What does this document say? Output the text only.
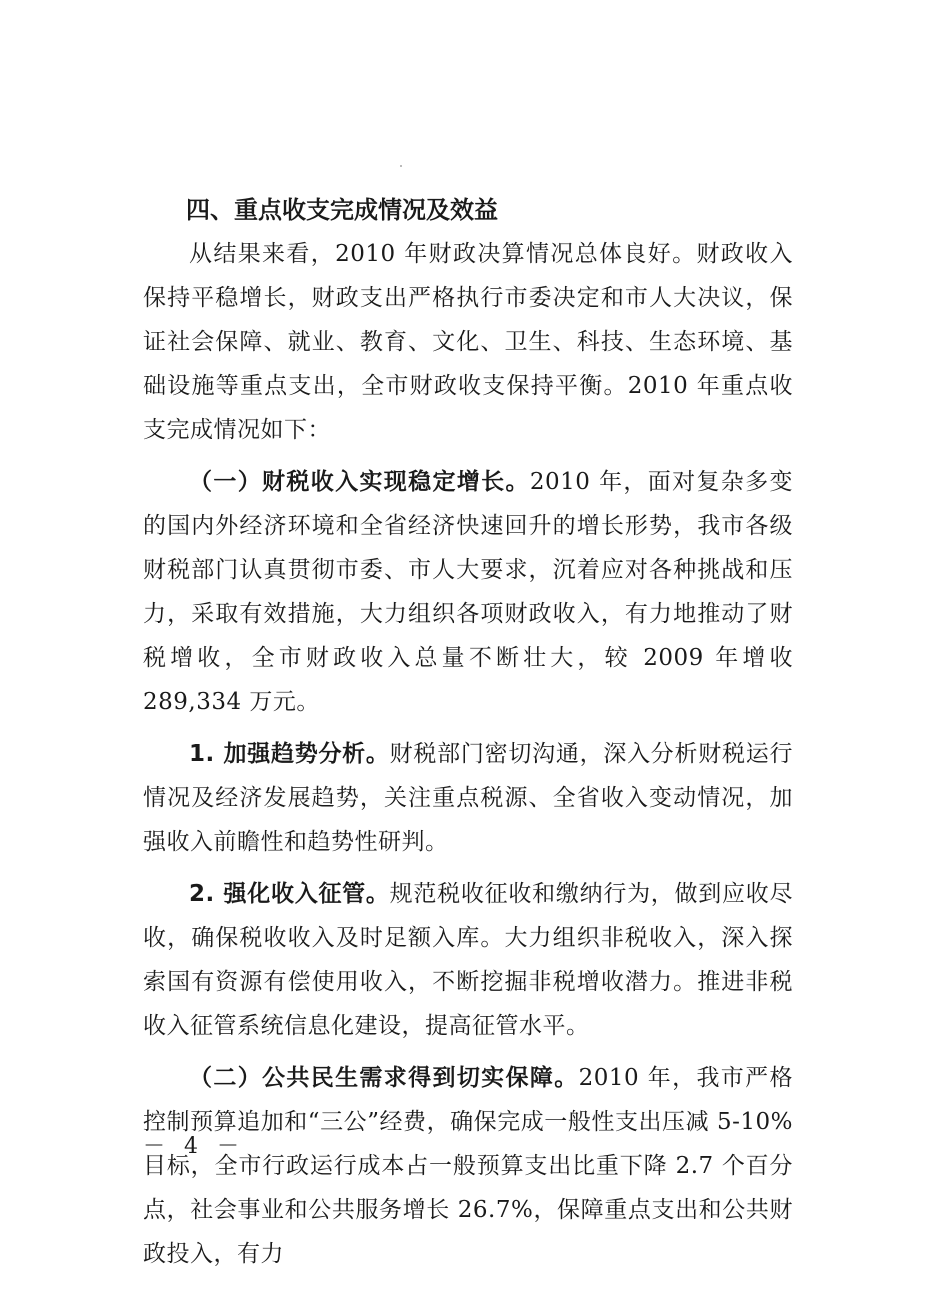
四、重点收支完成情况及效益

从结果来看，2010 年财政决算情况总体良好。财政收入保持平稳增长，财政支出严格执行市委决定和市人大决议，保证社会保障、就业、教育、文化、卫生、科技、生态环境、基础设施等重点支出，全市财政收支保持平衡。2010 年重点收支完成情况如下：

（一）财税收入实现稳定增长。2010 年，面对复杂多变的国内外经济环境和全省经济快速回升的增长形势，我市各级财税部门认真贯彻市委、市人大要求，沉着应对各种挑战和压力，采取有效措施，大力组织各项财政收入，有力地推动了财税增收，全市财政收入总量不断壮大，较 2009 年增收 289,334 万元。

1. 加强趋势分析。财税部门密切沟通，深入分析财税运行情况及经济发展趋势，关注重点税源、全省收入变动情况，加强收入前瞻性和趋势性研判。

2. 强化收入征管。规范税收征收和缴纳行为，做到应收尽收，确保税收收入及时足额入库。大力组织非税收入，深入探索国有资源有偿使用收入，不断挖掘非税增收潜力。推进非税收入征管系统信息化建设，提高征管水平。

（二）公共民生需求得到切实保障。2010 年，我市严格控制预算追加和“三公”经费，确保完成一般性支出压减 5-10%目标，全市行政运行成本占一般预算支出比重下降 2.7 个百分点，社会事业和公共服务增长 26.7%，保障重点支出和公共财政投入，有力

－ 4 －
